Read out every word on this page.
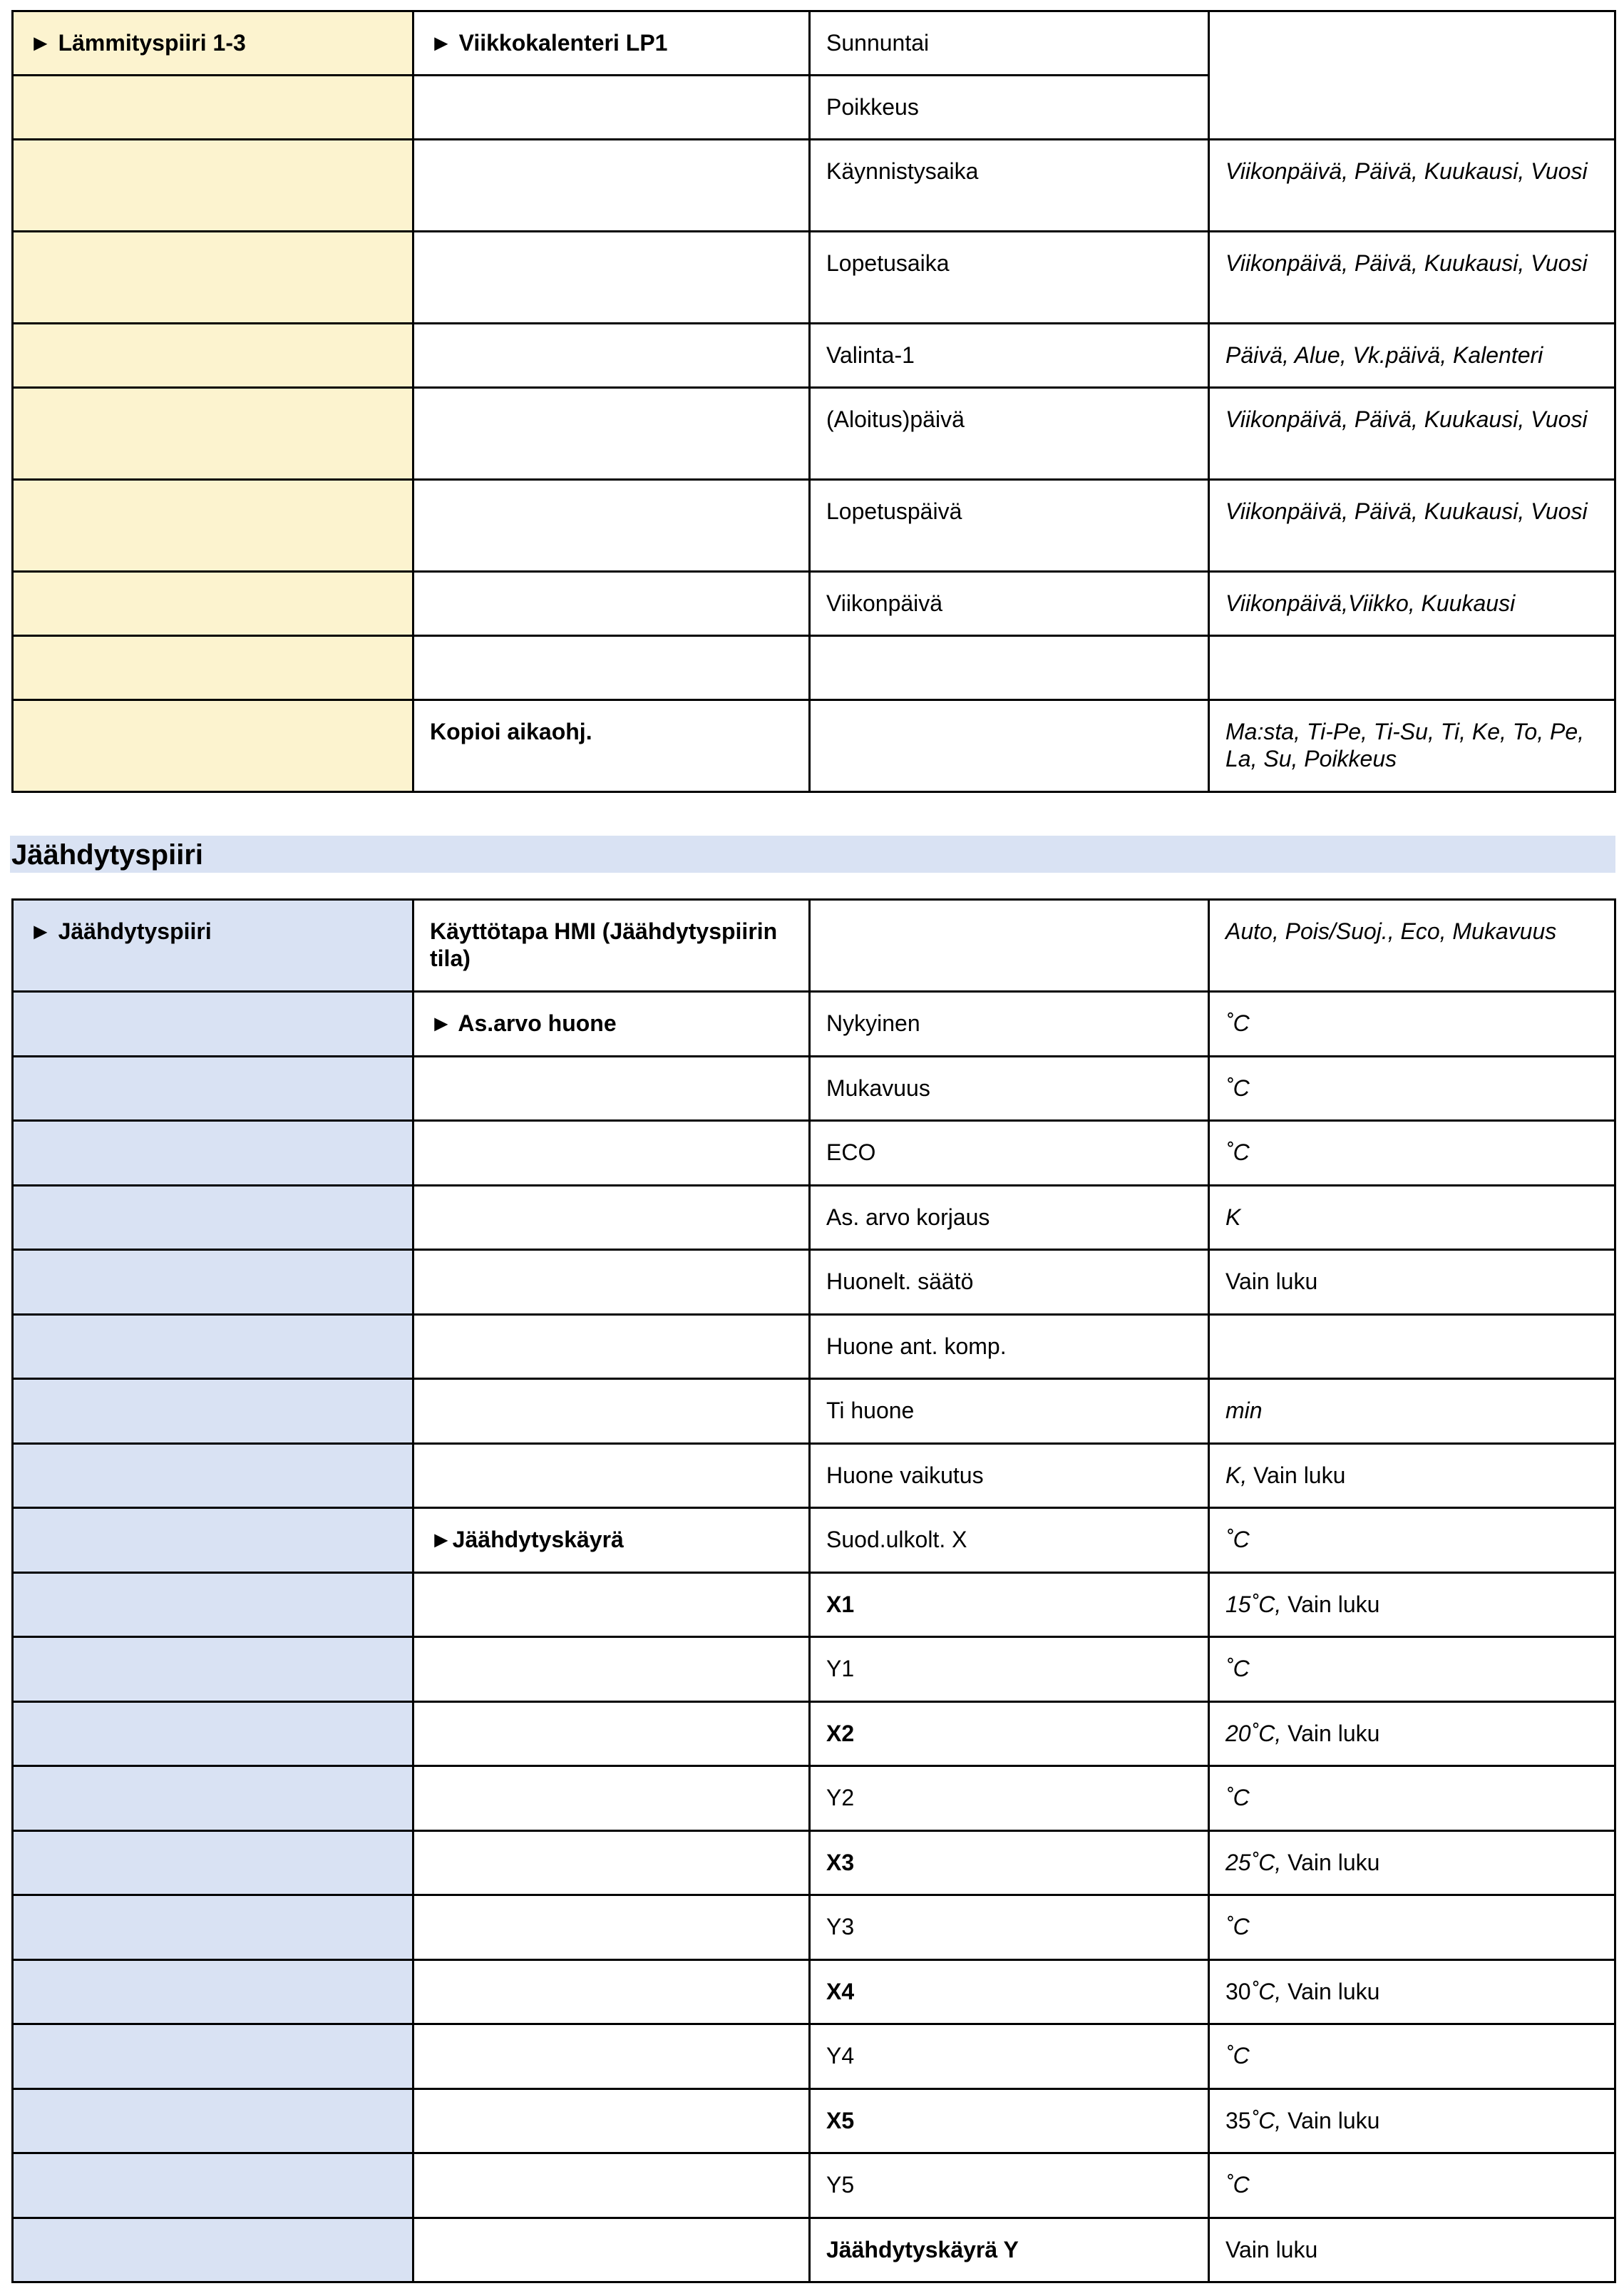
► Lämmityspiiri 1-3	► Viikkokalenteri LP1	Sunnuntai	
		Poikkeus	
		Käynnistysaika	Viikonpäivä, Päivä, Kuukausi, Vuosi
		Lopetusaika	Viikonpäivä, Päivä, Kuukausi, Vuosi
		Valinta-1	Päivä, Alue, Vk.päivä, Kalenteri
		(Aloitus)päivä	Viikonpäivä, Päivä, Kuukausi, Vuosi
		Lopetuspäivä	Viikonpäivä, Päivä, Kuukausi, Vuosi
		Viikonpäivä	Viikonpäivä,Viikko, Kuukausi

	Kopioi aikaohj.		Ma:sta, Ti-Pe, Ti-Su, Ti, Ke, To, Pe, La, Su, Poikkeus
Jäähdytyspiiri
► Jäähdytyspiiri	Käyttötapa HMI (Jäähdytyspiirin tila)		Auto, Pois/Suoj., Eco, Mukavuus
	► As.arvo huone	Nykyinen	˚C
		Mukavuus	˚C
		ECO	˚C
		As. arvo korjaus	K
		Huonelt. säätö	Vain luku
		Huone ant. komp.	
		Ti huone	min
		Huone vaikutus	K, Vain luku
	►Jäähdytyskäyrä	Suod.ulkolt. X	˚C
		X1	15˚C, Vain luku
		Y1	˚C
		X2	20˚C, Vain luku
		Y2	˚C
		X3	25˚C, Vain luku
		Y3	˚C
		X4	30˚C, Vain luku
		Y4	˚C
		X5	35˚C, Vain luku
		Y5	˚C
		Jäähdytyskäyrä Y	Vain luku
